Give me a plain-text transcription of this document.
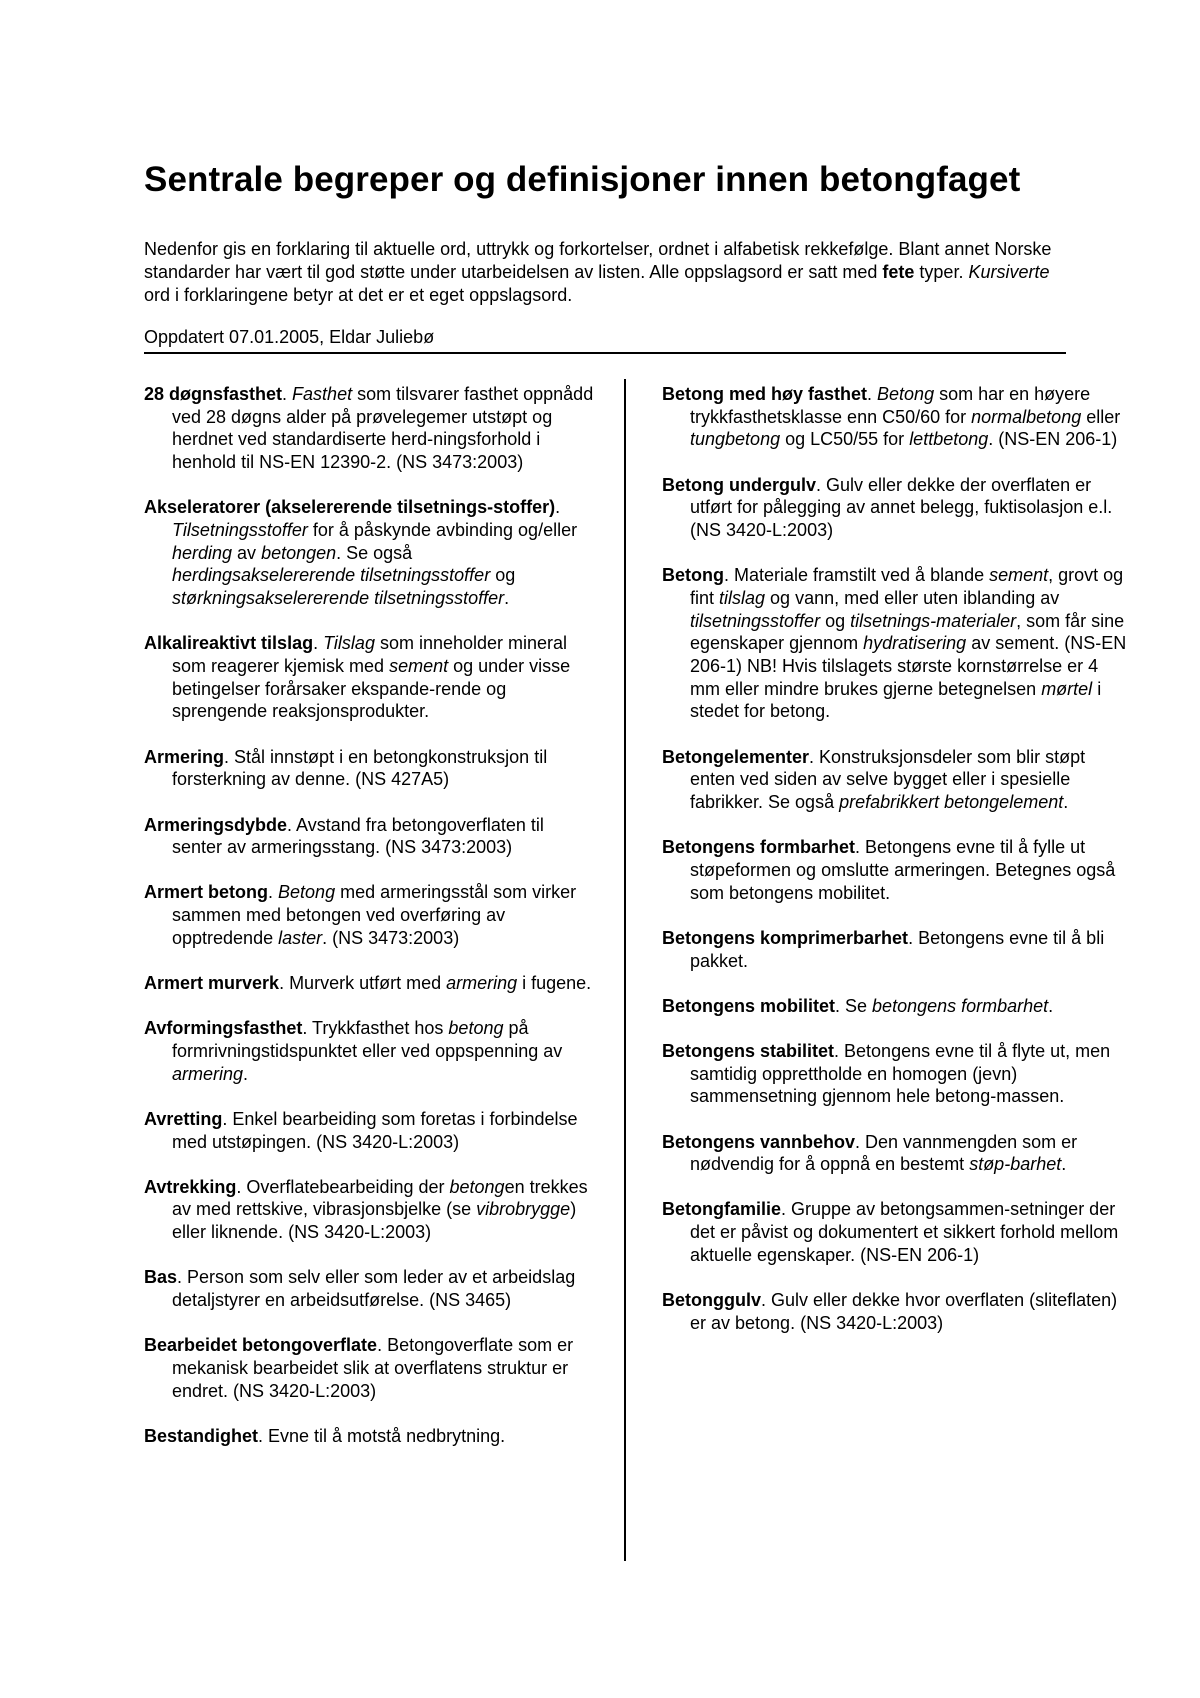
Sentrale begreper og definisjoner innen betongfaget

Nedenfor gis en forklaring til aktuelle ord, uttrykk og forkortelser, ordnet i alfabetisk rekkefølge. Blant annet Norske standarder har vært til god støtte under utarbeidelsen av listen. Alle oppslagsord er satt med fete typer. Kursiverte ord i forklaringene betyr at det er et eget oppslagsord.

Oppdatert 07.01.2005, Eldar Juliebø

28 døgnsfasthet. Fasthet som tilsvarer fasthet oppnådd ved 28 døgns alder på prøvelegemer utstøpt og herdnet ved standardiserte herd-ningsforhold i henhold til NS-EN 12390-2. (NS 3473:2003)

Akseleratorer (akselererende tilsetnings-stoffer). Tilsetningsstoffer for å påskynde avbinding og/eller herding av betongen. Se også herdingsakselererende tilsetningsstoffer og størkningsakselererende tilsetningsstoffer.

Alkalireaktivt tilslag. Tilslag som inneholder mineral som reagerer kjemisk med sement og under visse betingelser forårsaker ekspande-rende og sprengende reaksjonsprodukter.

Armering. Stål innstøpt i en betongkonstruksjon til forsterkning av denne. (NS 427A5)

Armeringsdybde. Avstand fra betongoverflaten til senter av armeringsstang. (NS 3473:2003)

Armert betong. Betong med armeringsstål som virker sammen med betongen ved overføring av opptredende laster. (NS 3473:2003)

Armert murverk. Murverk utført med armering i fugene.

Avformingsfasthet. Trykkfasthet hos betong på formrivningstidspunktet eller ved oppspenning av armering.

Avretting. Enkel bearbeiding som foretas i forbindelse med utstøpingen. (NS 3420-L:2003)

Avtrekking. Overflatebearbeiding der betongen trekkes av med rettskive, vibrasjonsbjelke (se vibrobrygge) eller liknende. (NS 3420-L:2003)

Bas. Person som selv eller som leder av et arbeidslag detaljstyrer en arbeidsutførelse. (NS 3465)

Bearbeidet betongoverflate. Betongoverflate som er mekanisk bearbeidet slik at overflatens struktur er endret. (NS 3420-L:2003)

Bestandighet. Evne til å motstå nedbrytning.

Betong med høy fasthet. Betong som har en høyere trykkfasthetsklasse enn C50/60 for normalbetong eller tungbetong og LC50/55 for lettbetong. (NS-EN 206-1)

Betong undergulv. Gulv eller dekke der overflaten er utført for pålegging av annet belegg, fuktisolasjon e.l. (NS 3420-L:2003)

Betong. Materiale framstilt ved å blande sement, grovt og fint tilslag og vann, med eller uten iblanding av tilsetningsstoffer og tilsetnings-materialer, som får sine egenskaper gjennom hydratisering av sement. (NS-EN 206-1) NB! Hvis tilslagets største kornstørrelse er 4 mm eller mindre brukes gjerne betegnelsen mørtel i stedet for betong.

Betongelementer. Konstruksjonsdeler som blir støpt enten ved siden av selve bygget eller i spesielle fabrikker. Se også prefabrikkert betongelement.

Betongens formbarhet. Betongens evne til å fylle ut støpeformen og omslutte armeringen. Betegnes også som betongens mobilitet.

Betongens komprimerbarhet. Betongens evne til å bli pakket.

Betongens mobilitet. Se betongens formbarhet.

Betongens stabilitet. Betongens evne til å flyte ut, men samtidig opprettholde en homogen (jevn) sammensetning gjennom hele betong-massen.

Betongens vannbehov. Den vannmengden som er nødvendig for å oppnå en bestemt støp-barhet.

Betongfamilie. Gruppe av betongsammen-setninger der det er påvist og dokumentert et sikkert forhold mellom aktuelle egenskaper. (NS-EN 206-1)

Betonggulv. Gulv eller dekke hvor overflaten (sliteflaten) er av betong. (NS 3420-L:2003)
